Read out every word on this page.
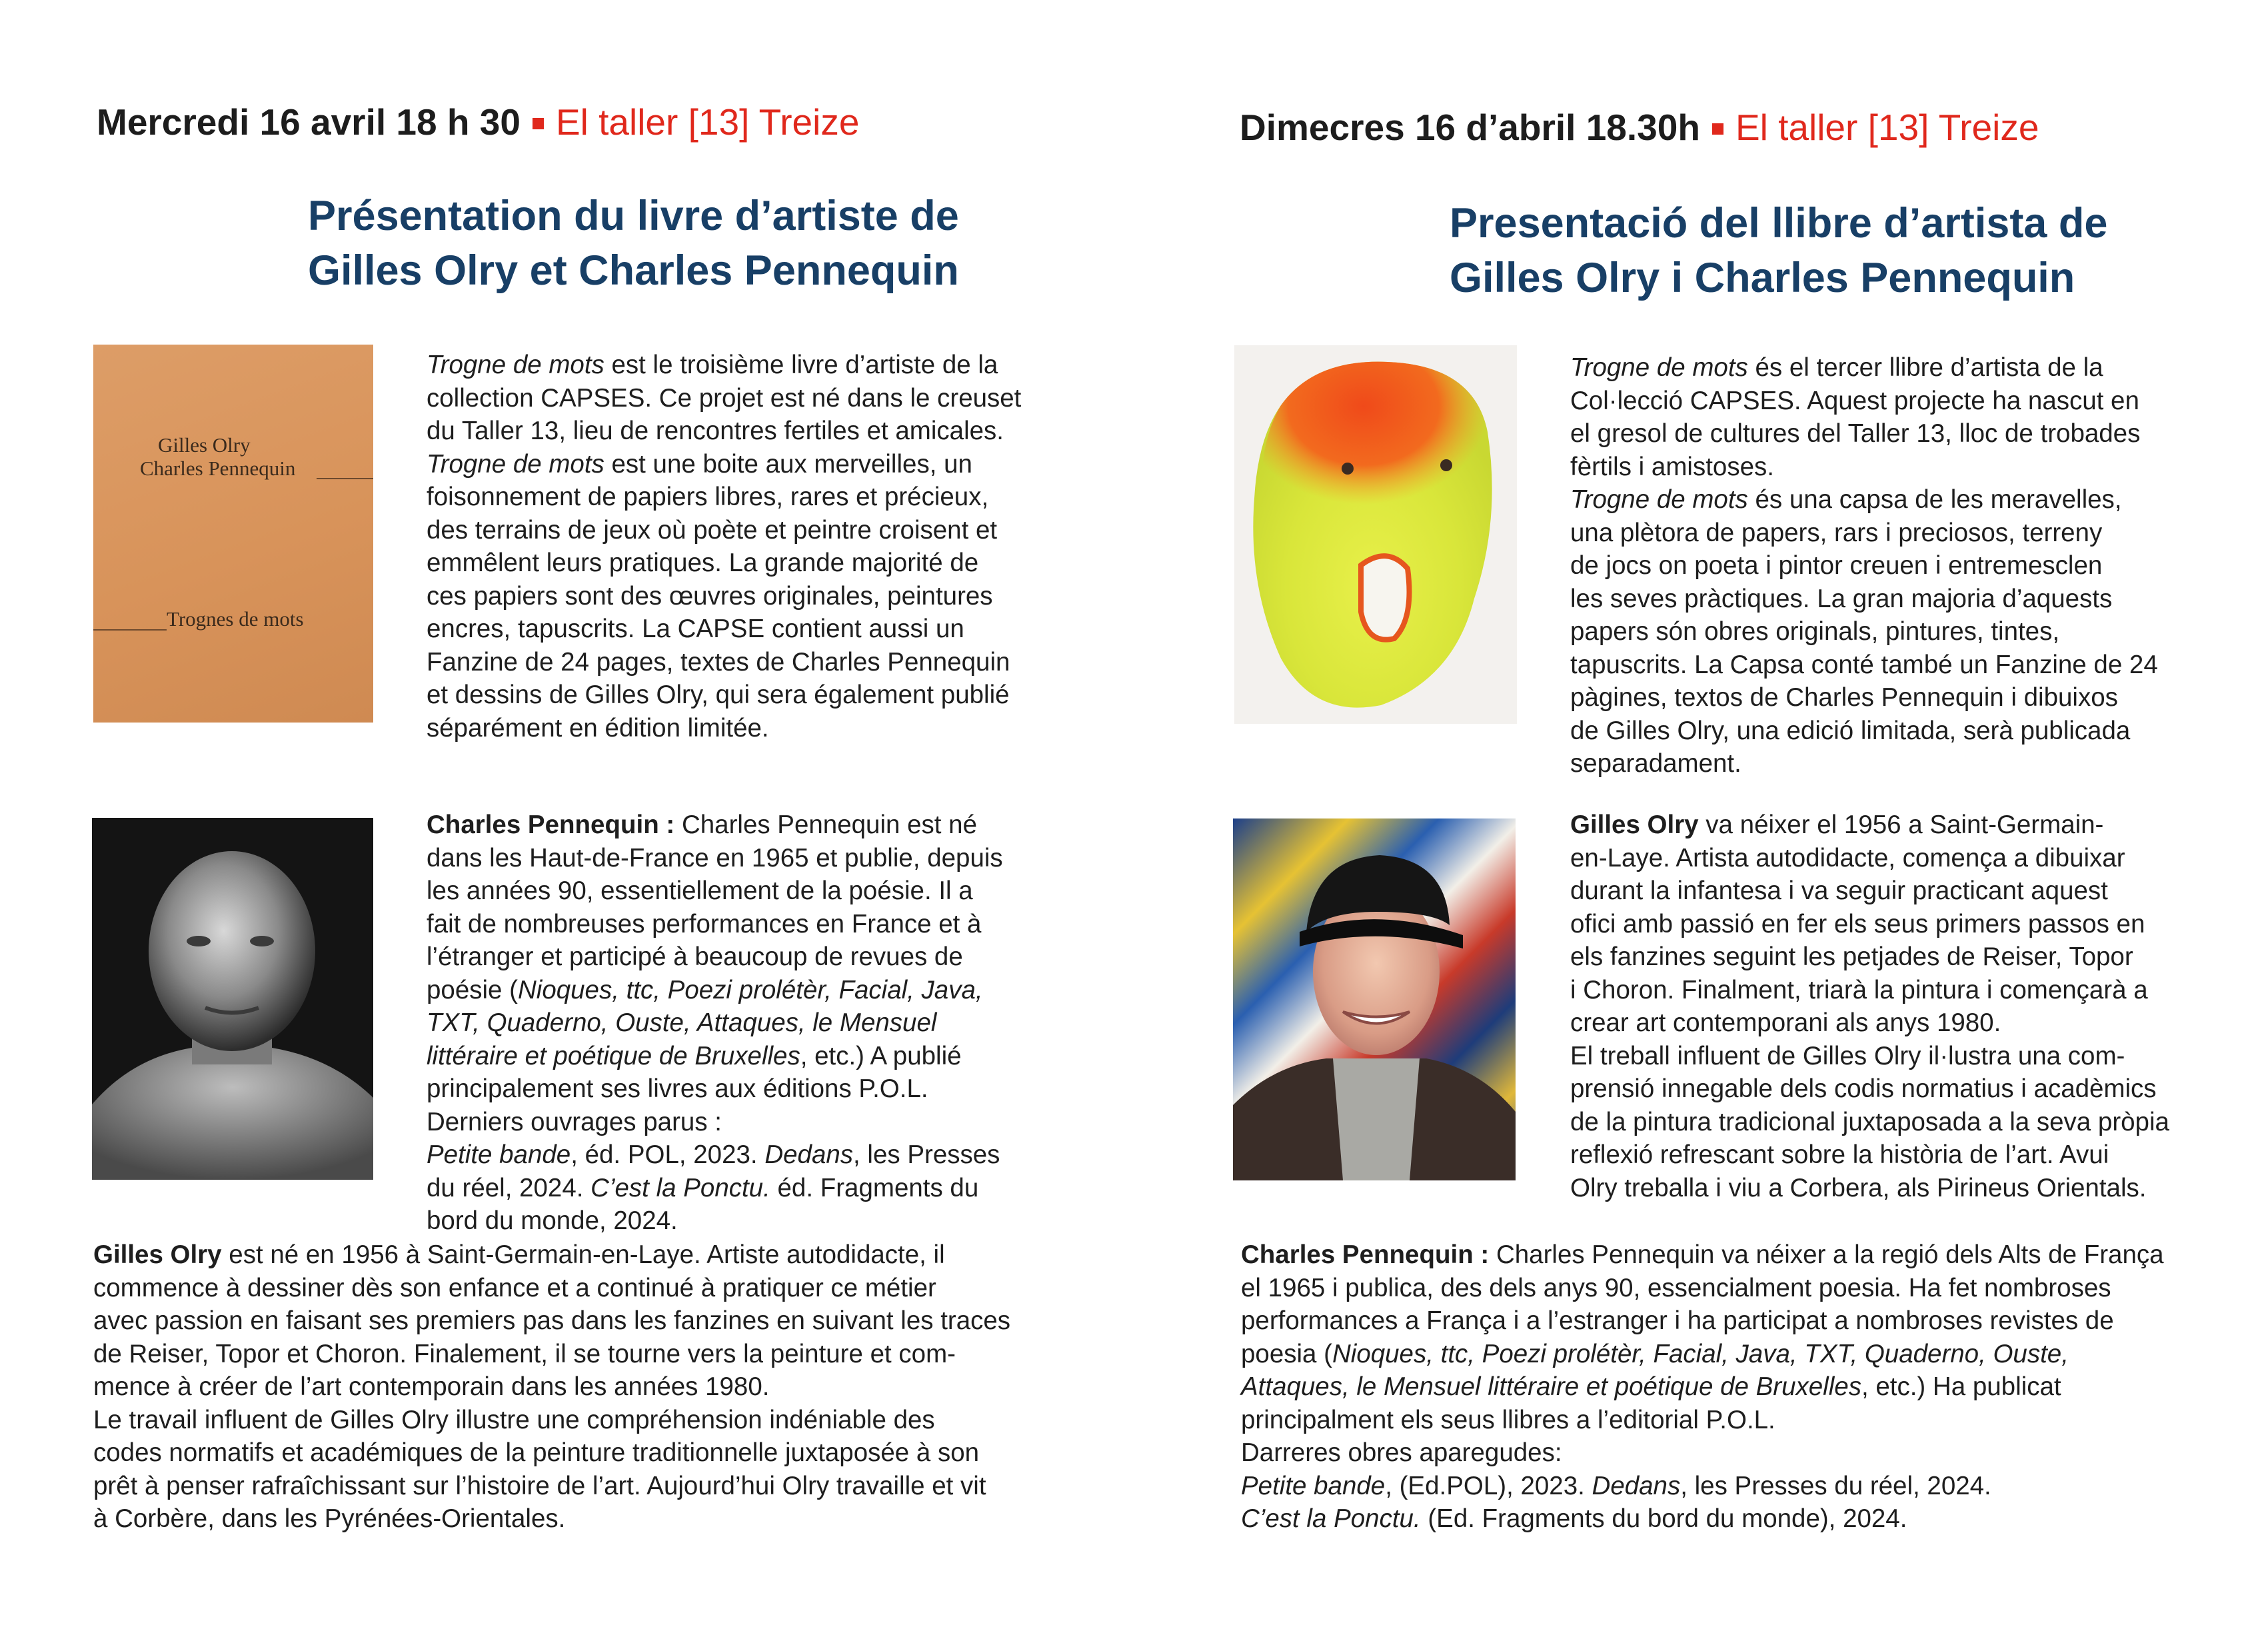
Mercredi 16 avril 18 h 30 El taller [13] Treize
Présentation du livre d’artiste de
Gilles Olry et Charles Pennequin
Gilles Olry
Charles Pennequin
Trognes de mots
Trogne de mots est le troisième livre d’artiste de la
collection CAPSES. Ce projet est né dans le creuset
du Taller 13, lieu de rencontres fertiles et amicales.
Trogne de mots est une boite aux merveilles, un
foisonnement de papiers libres, rares et précieux,
des terrains de jeux où poète et peintre croisent et
emmêlent leurs pratiques. La grande majorité de
ces papiers sont des œuvres originales, peintures
encres, tapuscrits. La CAPSE contient aussi un
Fanzine de 24 pages, textes de Charles Pennequin
et dessins de Gilles Olry, qui sera également publié
séparément en édition limitée.
Charles Pennequin : Charles Pennequin est né
dans les Haut-de-France en 1965 et publie, depuis
les années 90, essentiellement de la poésie. Il a
fait de nombreuses performances en France et à
l’étranger et participé à beaucoup de revues de
poésie (Nioques, ttc, Poezi prolétèr, Facial, Java,
TXT, Quaderno, Ouste, Attaques, le Mensuel
littéraire et poétique de Bruxelles, etc.) A publié
principalement ses livres aux éditions P.O.L.
Derniers ouvrages parus :
Petite bande, éd. POL, 2023. Dedans, les Presses
du réel, 2024. C’est la Ponctu. éd. Fragments du
bord du monde, 2024.
Gilles Olry est né en 1956 à Saint-Germain-en-Laye. Artiste autodidacte, il
commence à dessiner dès son enfance et a continué à pratiquer ce métier
avec passion en faisant ses premiers pas dans les fanzines en suivant les traces
de Reiser, Topor et Choron. Finalement, il se tourne vers la peinture et com-
mence à créer de l’art contemporain dans les années 1980.
Le travail influent de Gilles Olry illustre une compréhension indéniable des
codes normatifs et académiques de la peinture traditionnelle juxtaposée à son
prêt à penser rafraîchissant sur l’histoire de l’art. Aujourd’hui Olry travaille et vit
à Corbère, dans les Pyrénées-Orientales.
Dimecres 16 d’abril 18.30h El taller [13] Treize
Presentació del llibre d’artista de
Gilles Olry i Charles Pennequin
Trogne de mots és el tercer llibre d’artista de la
Col·lecció CAPSES. Aquest projecte ha nascut en
el gresol de cultures del Taller 13, lloc de trobades
fèrtils i amistoses.
Trogne de mots és una capsa de les meravelles,
una plètora de papers, rars i preciosos, terreny
de jocs on poeta i pintor creuen i entremesclen
les seves pràctiques. La gran majoria d’aquests
papers són obres originals, pintures, tintes,
tapuscrits. La Capsa conté també un Fanzine de 24
pàgines, textos de Charles Pennequin i dibuixos
de Gilles Olry, una edició limitada, serà publicada
separadament.
Gilles Olry va néixer el 1956 a Saint-Germain-
en-Laye. Artista autodidacte, comença a dibuixar
durant la infantesa i va seguir practicant aquest
ofici amb passió en fer els seus primers passos en
els fanzines seguint les petjades de Reiser, Topor
i Choron. Finalment, triarà la pintura i començarà a
crear art contemporani als anys 1980.
El treball influent de Gilles Olry il·lustra una com-
prensió innegable dels codis normatius i acadèmics
de la pintura tradicional juxtaposada a la seva pròpia
reflexió refrescant sobre la història de l’art. Avui
Olry treballa i viu a Corbera, als Pirineus Orientals.
Charles Pennequin : Charles Pennequin va néixer a la regió dels Alts de França
el 1965 i publica, des dels anys 90, essencialment poesia. Ha fet nombroses
performances a França i a l’estranger i ha participat a nombroses revistes de
poesia (Nioques, ttc, Poezi prolétèr, Facial, Java, TXT, Quaderno, Ouste,
Attaques, le Mensuel littéraire et poétique de Bruxelles, etc.) Ha publicat
principalment els seus llibres a l’editorial P.O.L.
Darreres obres aparegudes:
Petite bande, (Ed.POL), 2023. Dedans, les Presses du réel, 2024.
C’est la Ponctu. (Ed. Fragments du bord du monde), 2024.
